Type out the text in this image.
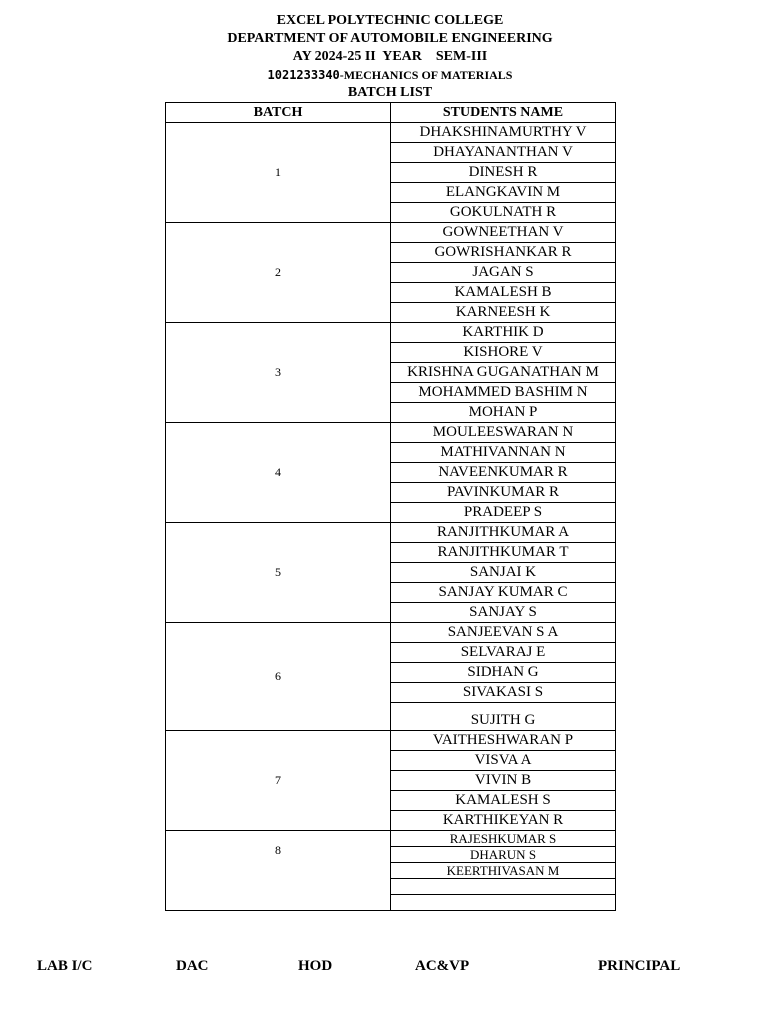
EXCEL POLYTECHNIC COLLEGE
DEPARTMENT OF AUTOMOBILE ENGINEERING
AY 2024-25 II  YEAR    SEM-III
1021233340-MECHANICS OF MATERIALS
BATCH LIST
BATCH	STUDENTS NAME
1	DHAKSHINAMURTHY V
	DHAYANANTHAN V
	DINESH R
	ELANGKAVIN M
	GOKULNATH R
2	GOWNEETHAN V
	GOWRISHANKAR R
	JAGAN S
	KAMALESH B
	KARNEESH K
3	KARTHIK D
	KISHORE V
	KRISHNA GUGANATHAN M
	MOHAMMED BASHIM N
	MOHAN P
4	MOULEESWARAN N
	MATHIVANNAN N
	NAVEENKUMAR R
	PAVINKUMAR R
	PRADEEP S
5	RANJITHKUMAR A
	RANJITHKUMAR T
	SANJAI K
	SANJAY KUMAR C
	SANJAY S
6	SANJEEVAN S A
	SELVARAJ E
	SIDHAN G
	SIVAKASI S
	SUJITH G
7	VAITHESHWARAN P
	VISVA A
	VIVIN B
	KAMALESH S
	KARTHIKEYAN R
8	RAJESHKUMAR S
	DHARUN S
	KEERTHIVASAN M

LAB I/C	DAC	HOD	AC&VP	PRINCIPAL
